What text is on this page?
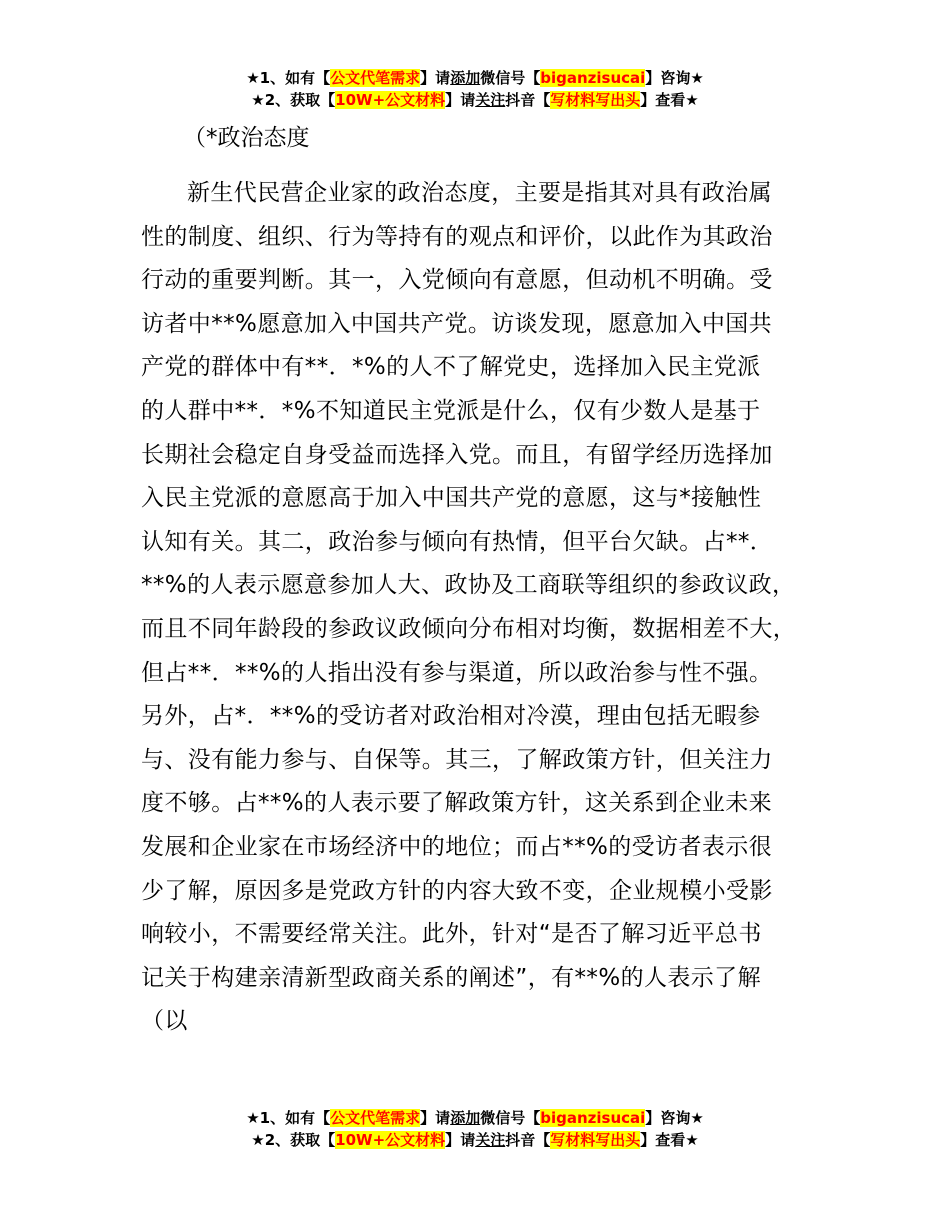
★1、如有【公文代笔需求】请添加微信号【biganzisucai】咨询★
★2、获取【10W+公文材料】请关注抖音【写材料写出头】查看★
（*政治态度
新生代民营企业家的政治态度，主要是指其对具有政治属
性的制度、组织、行为等持有的观点和评价，以此作为其政治
行动的重要判断。其一，入党倾向有意愿，但动机不明确。受
访者中**%愿意加入中国共产党。访谈发现，愿意加入中国共
产党的群体中有**．*%的人不了解党史，选择加入民主党派
的人群中**．*%不知道民主党派是什么，仅有少数人是基于
长期社会稳定自身受益而选择入党。而且，有留学经历选择加
入民主党派的意愿高于加入中国共产党的意愿，这与*接触性
认知有关。其二，政治参与倾向有热情，但平台欠缺。占**．
**%的人表示愿意参加人大、政协及工商联等组织的参政议政，
而且不同年龄段的参政议政倾向分布相对均衡，数据相差不大，
但占**．**%的人指出没有参与渠道，所以政治参与性不强。
另外，占*．**%的受访者对政治相对冷漠，理由包括无暇参
与、没有能力参与、自保等。其三，了解政策方针，但关注力
度不够。占**%的人表示要了解政策方针，这关系到企业未来
发展和企业家在市场经济中的地位；而占**%的受访者表示很
少了解，原因多是党政方针的内容大致不变，企业规模小受影
响较小，不需要经常关注。此外，针对“是否了解习近平总书
记关于构建亲清新型政商关系的阐述”，有**%的人表示了解
（以
★1、如有【公文代笔需求】请添加微信号【biganzisucai】咨询★
★2、获取【10W+公文材料】请关注抖音【写材料写出头】查看★
